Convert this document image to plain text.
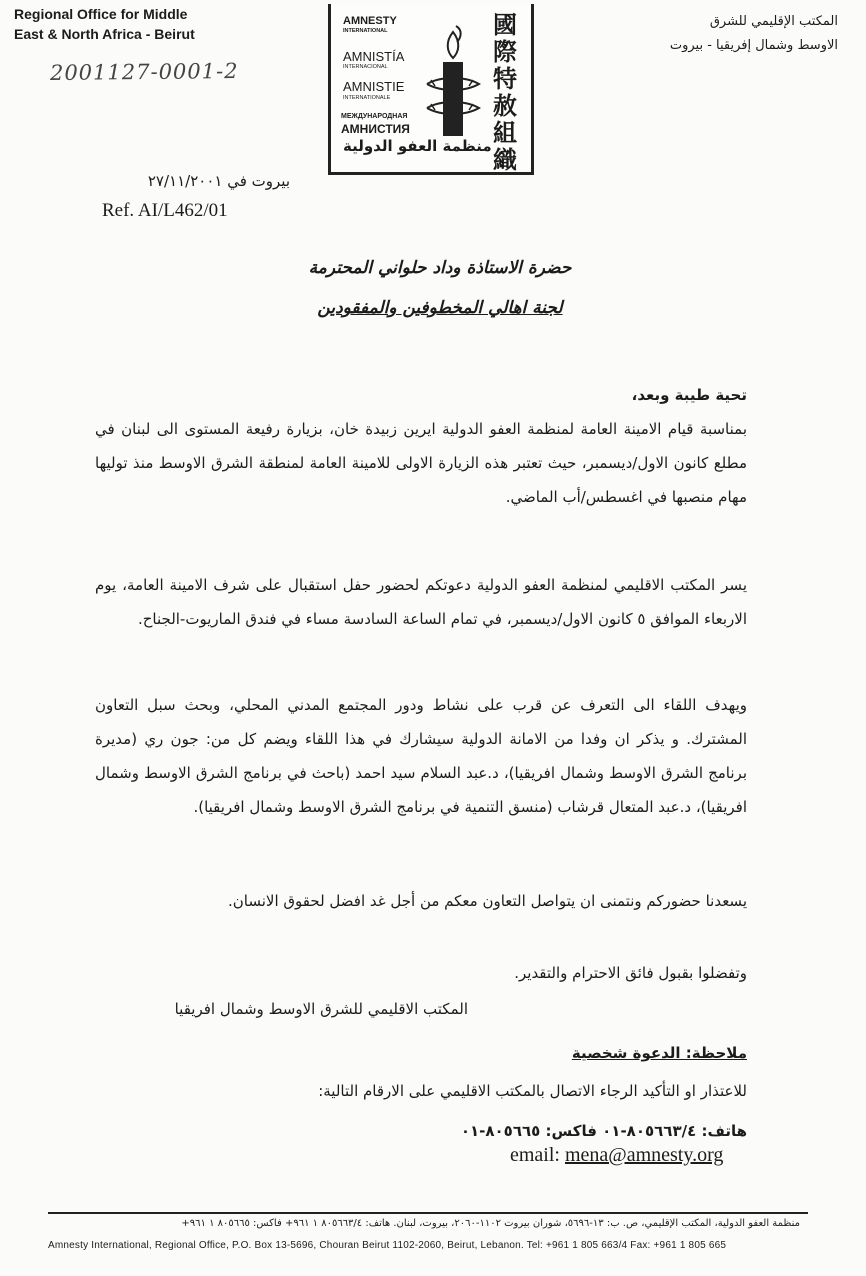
Regional Office for Middle
East & North Africa - Beirut
2001127-0001-2
AMNESTY
INTERNATIONAL
AMNISTÍA
INTERNACIONAL
AMNISTIE
INTERNATIONALE
МЕЖДУНАРОДНАЯ
АМНИСТИЯ
منظمة العفو الدولية
國
際
特
赦
組
織
المكتب الإقليمي للشرق
الاوسط وشمال إفريقيا - بيروت
بيروت في ٢٧/١١/٢٠٠١
Ref. AI/L462/01
حضرة الاستاذة وداد حلواني المحترمة
لجنة اهالي المخطوفين والمفقودين
تحية طيبة وبعد،

بمناسبة قيام الامينة العامة لمنظمة العفو الدولية ايرين زبيدة خان، بزيارة رفيعة المستوى الى لبنان في مطلع كانون الاول/ديسمبر، حيث تعتبر هذه الزيارة الاولى للامينة العامة لمنطقة الشرق الاوسط منذ توليها مهام منصبها في اغسطس/أب الماضي.

يسر المكتب الاقليمي لمنظمة العفو الدولية دعوتكم لحضور حفل استقبال على شرف الامينة العامة، يوم الاربعاء الموافق ٥ كانون الاول/ديسمبر، في تمام الساعة السادسة مساء في فندق الماريوت-الجناح.

ويهدف اللقاء الى التعرف عن قرب على نشاط ودور المجتمع المدني المحلي، وبحث سبل التعاون المشترك. و يذكر ان وفدا من الامانة الدولية سيشارك في هذا اللقاء ويضم كل من: جون ري (مديرة برنامج الشرق الاوسط وشمال افريقيا)، د.عبد السلام سيد احمد (باحث في برنامج الشرق الاوسط وشمال افريقيا)، د.عبد المتعال قرشاب (منسق التنمية في برنامج الشرق الاوسط وشمال افريقيا).

يسعدنا حضوركم ونتمنى ان يتواصل التعاون معكم من أجل غد افضل لحقوق الانسان.

وتفضلوا بقبول فائق الاحترام والتقدير.
المكتب الاقليمي للشرق الاوسط وشمال افريقيا
ملاحظة: الدعوة شخصية
للاعتذار او التأكيد الرجاء الاتصال بالمكتب الاقليمي على الارقام التالية:
هاتف: ٨٠٥٦٦٣/٤-٠١ فاكس: ٨٠٥٦٦٥-٠١
email: mena@amnesty.org
منظمة العفو الدولية، المكتب الإقليمي، ص. ب: ١٣-٥٦٩٦، شوران بيروت ١١٠٢-٢٠٦٠، بيروت، لبنان. هاتف: ٨٠٥٦٦٣/٤ ١ ٩٦١+ فاكس: ٨٠٥٦٦٥ ١ ٩٦١+
Amnesty International, Regional Office, P.O. Box 13-5696, Chouran Beirut 1102-2060, Beirut, Lebanon. Tel: +961 1 805 663/4 Fax: +961 1 805 665
